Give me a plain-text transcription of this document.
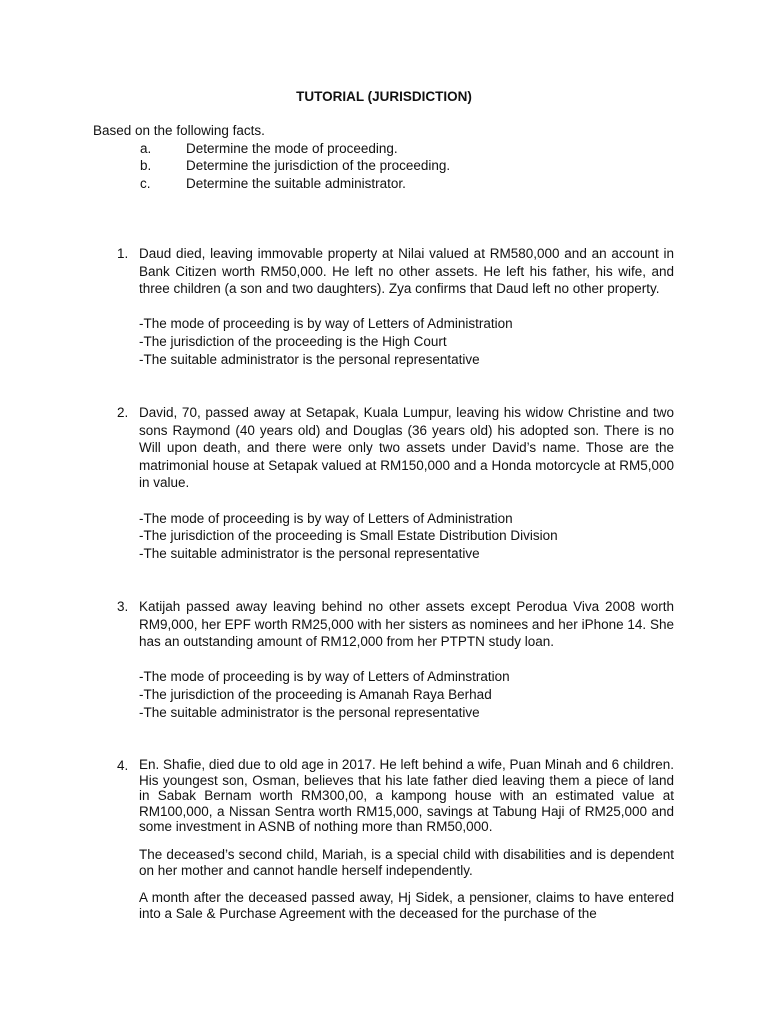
TUTORIAL (JURISDICTION)
Based on the following facts.
a.	Determine the mode of proceeding.
b.	Determine the jurisdiction of the proceeding.
c.	Determine the suitable administrator.
1. Daud died, leaving immovable property at Nilai valued at RM580,000 and an account in Bank Citizen worth RM50,000. He left no other assets. He left his father, his wife, and three children (a son and two daughters). Zya confirms that Daud left no other property.

-The mode of proceeding is by way of Letters of Administration

-The jurisdiction of the proceeding is the High Court

-The suitable administrator is the personal representative

2. David, 70, passed away at Setapak, Kuala Lumpur, leaving his widow Christine and two sons Raymond (40 years old) and Douglas (36 years old) his adopted son. There is no Will upon death, and there were only two assets under David’s name. Those are the matrimonial house at Setapak valued at RM150,000 and a Honda motorcycle at RM5,000 in value.

-The mode of proceeding is by way of Letters of Administration

-The jurisdiction of the proceeding is Small Estate Distribution Division

-The suitable administrator is the personal representative

3. Katijah passed away leaving behind no other assets except Perodua Viva 2008 worth RM9,000, her EPF worth RM25,000 with her sisters as nominees and her iPhone 14. She has an outstanding amount of RM12,000 from her PTPTN study loan.

-The mode of proceeding is by way of Letters of Adminstration

-The jurisdiction of the proceeding is Amanah Raya Berhad

-The suitable administrator is the personal representative

4. En. Shafie, died due to old age in 2017. He left behind a wife, Puan Minah and 6 children. His youngest son, Osman, believes that his late father died leaving them a piece of land in Sabak Bernam worth RM300,00, a kampong house with an estimated value at RM100,000, a Nissan Sentra worth RM15,000, savings at Tabung Haji of RM25,000 and some investment in ASNB of nothing more than RM50,000.

The deceased’s second child, Mariah, is a special child with disabilities and is dependent on her mother and cannot handle herself independently.

A month after the deceased passed away, Hj Sidek, a pensioner, claims to have entered into a Sale & Purchase Agreement with the deceased for the purchase of the
